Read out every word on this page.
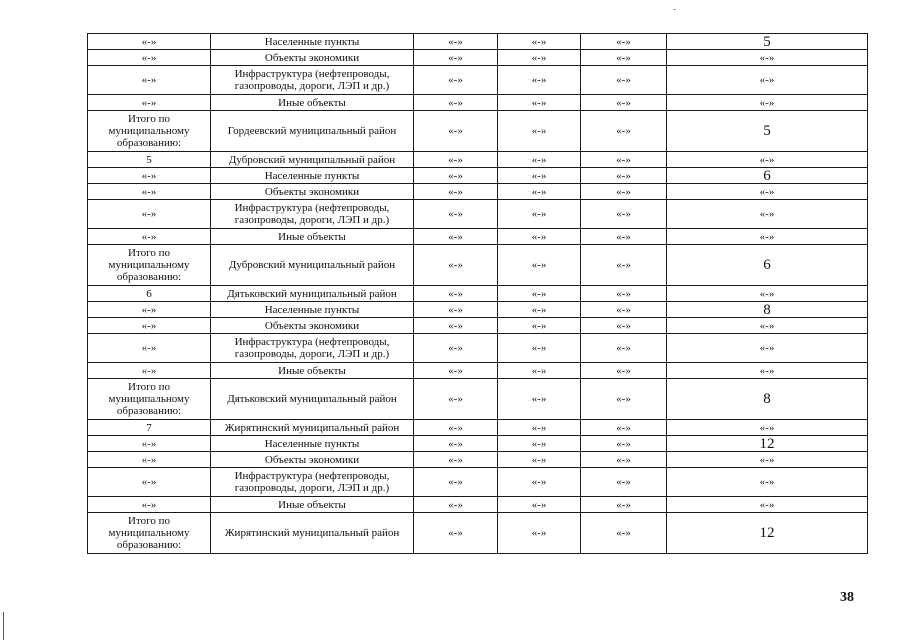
«-»	Населенные пункты	«-»	«-»	«-»	5
«-»	Объекты экономики	«-»	«-»	«-»	«-»
«-»	Инфраструктура (нефтепроводы, газопроводы, дороги, ЛЭП и др.)	«-»	«-»	«-»	«-»
«-»	Иные объекты	«-»	«-»	«-»	«-»
Итого по муниципальному образованию:	Гордеевский муниципальный район	«-»	«-»	«-»	5
5	Дубровский муниципальный район	«-»	«-»	«-»	«-»
«-»	Населенные пункты	«-»	«-»	«-»	6
«-»	Объекты экономики	«-»	«-»	«-»	«-»
«-»	Инфраструктура (нефтепроводы, газопроводы, дороги, ЛЭП и др.)	«-»	«-»	«-»	«-»
«-»	Иные объекты	«-»	«-»	«-»	«-»
Итого по муниципальному образованию:	Дубровский муниципальный район	«-»	«-»	«-»	6
6	Дятьковский муниципальный район	«-»	«-»	«-»	«-»
«-»	Населенные пункты	«-»	«-»	«-»	8
«-»	Объекты экономики	«-»	«-»	«-»	«-»
«-»	Инфраструктура (нефтепроводы, газопроводы, дороги, ЛЭП и др.)	«-»	«-»	«-»	«-»
«-»	Иные объекты	«-»	«-»	«-»	«-»
Итого по муниципальному образованию:	Дятьковский муниципальный район	«-»	«-»	«-»	8
7	Жирятинский муниципальный район	«-»	«-»	«-»	«-»
«-»	Населенные пункты	«-»	«-»	«-»	12
«-»	Объекты экономики	«-»	«-»	«-»	«-»
«-»	Инфраструктура (нефтепроводы, газопроводы, дороги, ЛЭП и др.)	«-»	«-»	«-»	«-»
«-»	Иные объекты	«-»	«-»	«-»	«-»
Итого по муниципальному образованию:	Жирятинский муниципальный район	«-»	«-»	«-»	12
38
